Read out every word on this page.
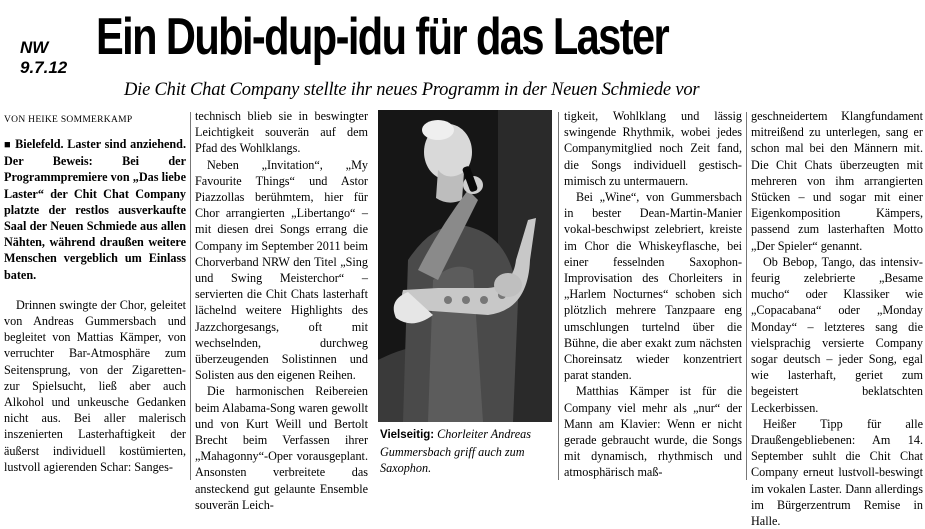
NW
9.7.12
Ein Dubi-dup-idu für das Laster
Die Chit Chat Company stellte ihr neues Programm in der Neuen Schmiede vor
VON HEIKE SOMMERKAMP

■ Bielefeld. Laster sind anziehend. Der Beweis: Bei der Programmpremiere von „Das liebe Laster“ der Chit Chat Company platzte der restlos ausverkaufte Saal der Neuen Schmiede aus allen Nähten, während draußen weitere Menschen vergeblich um Einlass baten.

Drinnen swingte der Chor, geleitet von Andreas Gummersbach und begleitet von Mattias Kämper, von verruchter Bar-Atmosphäre zum Seitensprung, von der Zigaretten- zur Spielsucht, ließ aber auch Alkohol und unkeusche Gedanken nicht aus. Bei aller malerisch inszenierten Lasterhaftigkeit der äußerst individuell kostümierten, lustvoll agierenden Schar: Sanges-

technisch blieb sie in beswingter Leichtigkeit souverän auf dem Pfad des Wohlklangs.

Neben „Invitation“, „My Favourite Things“ und Astor Piazzollas berühmtem, hier für Chor arrangierten „Libertango“ – mit diesen drei Songs errang die Company im September 2011 beim Chorverband NRW den Titel „Sing und Swing Meisterchor“ – servierten die Chit Chats lasterhaft lächelnd weitere Highlights des Jazzchorgesangs, oft mit wechselnden, durchweg überzeugenden Solistinnen und Solisten aus den eigenen Reihen.

Die harmonischen Reibereien beim Alabama-Song waren gewollt und von Kurt Weill und Bertolt Brecht beim Verfassen ihrer „Mahagonny“-Oper vorausgeplant. Ansonsten verbreitete das ansteckend gut gelaunte Ensemble souverän Leich-

Vielseitig: Chorleiter Andreas Gummersbach griff auch zum Saxophon.

tigkeit, Wohlklang und lässig swingende Rhythmik, wobei jedes Companymitglied noch Zeit fand, die Songs individuell gestisch-mimisch zu untermauern.

Bei „Wine“, von Gummersbach in bester Dean-Martin-Manier vokal-beschwipst zelebriert, kreiste im Chor die Whiskeyflasche, bei einer fesselnden Saxophon-Improvisation des Chorleiters in „Harlem Nocturnes“ schoben sich plötzlich mehrere Tanzpaare eng umschlungen turtelnd über die Bühne, die aber exakt zum nächsten Choreinsatz wieder konzentriert parat standen.

Matthias Kämper ist für die Company viel mehr als „nur“ der Mann am Klavier: Wenn er nicht gerade gebraucht wurde, die Songs mit dynamisch, rhythmisch und atmosphärisch maß-

geschneidertem Klangfundament mitreißend zu unterlegen, sang er schon mal bei den Männern mit. Die Chit Chats überzeugten mit mehreren von ihm arrangierten Stücken – und sogar mit einer Eigenkomposition Kämpers, passend zum lasterhaften Motto „Der Spieler“ genannt.

Ob Bebop, Tango, das intensiv-feurig zelebrierte „Besame mucho“ oder Klassiker wie „Copacabana“ oder „Monday Monday“ – letzteres sang die vielsprachig versierte Company sogar deutsch – jeder Song, egal wie lasterhaft, geriet zum begeistert beklatschten Leckerbissen.

Heißer Tipp für alle Draußengebliebenen: Am 14. September suhlt die Chit Chat Company erneut lustvoll-beswingt im vokalen Laster. Dann allerdings im Bürgerzentrum Remise in Halle.
